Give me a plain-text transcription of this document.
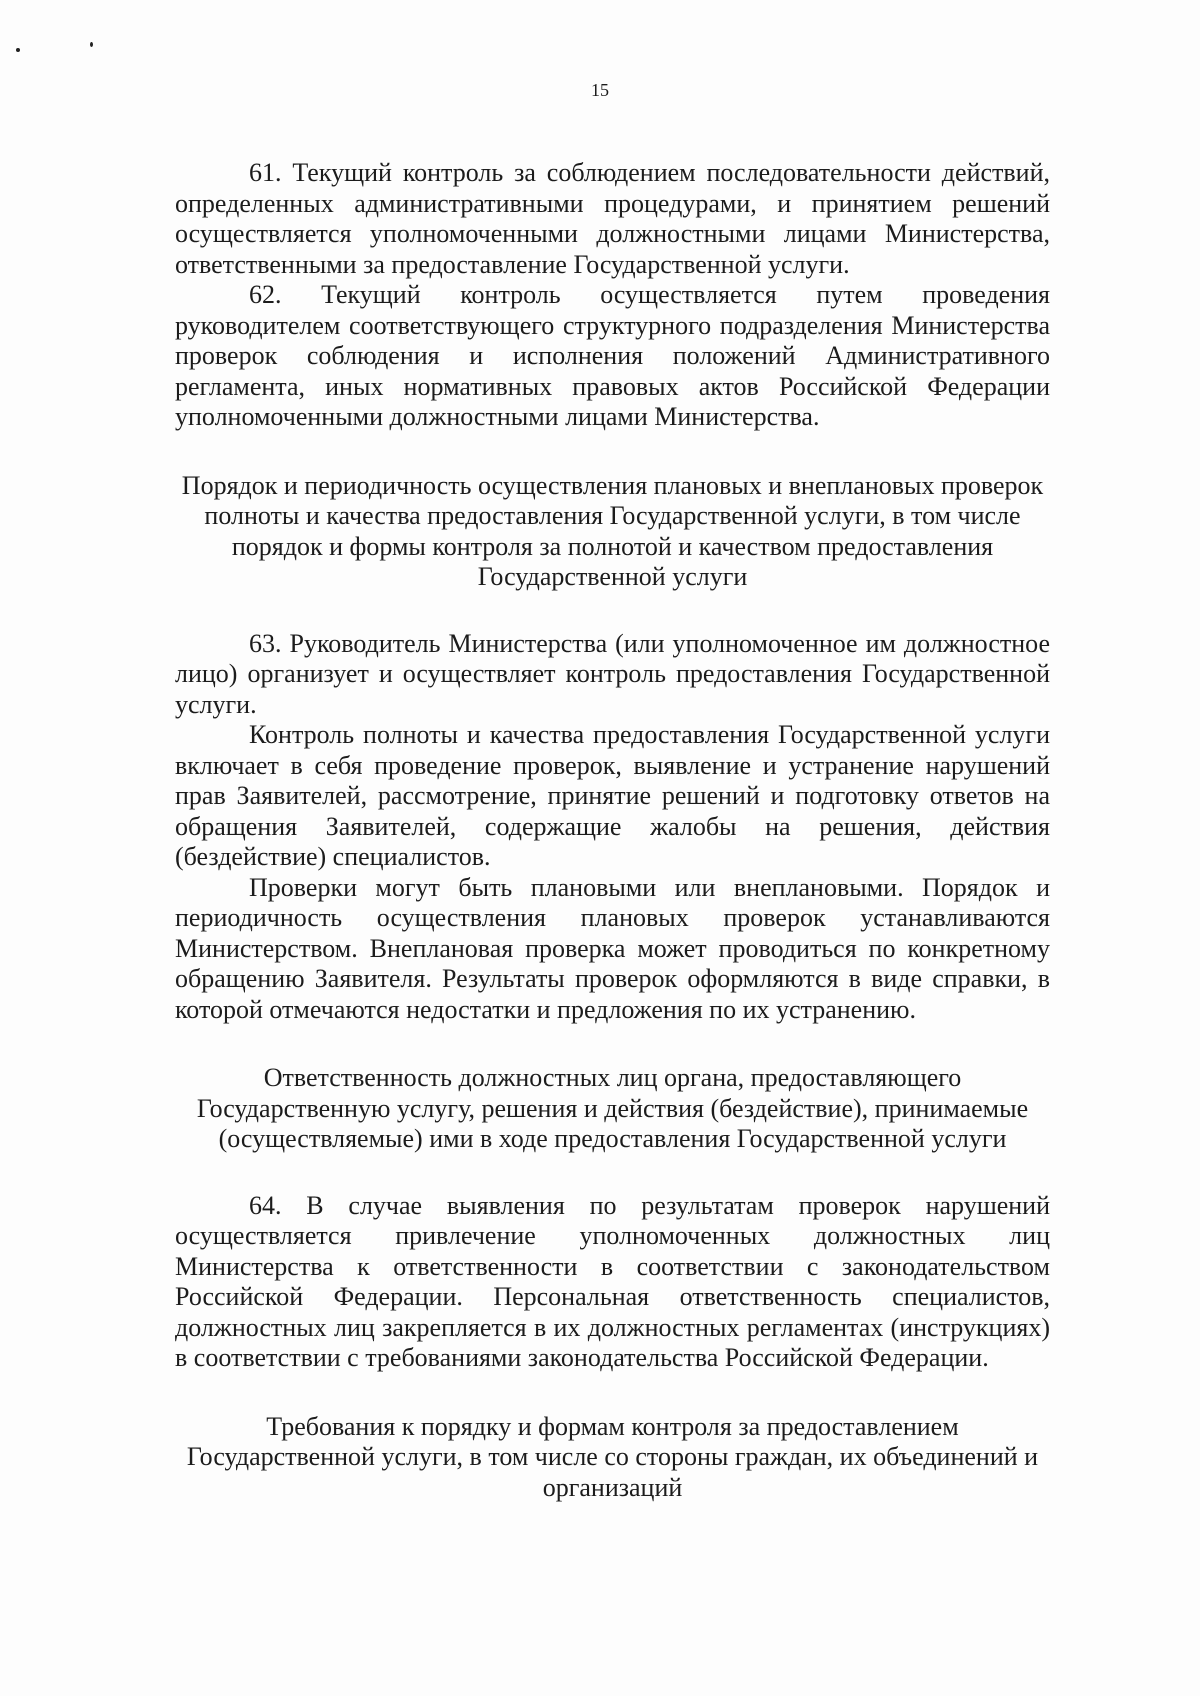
15

61. Текущий контроль за соблюдением последовательности действий, определенных административными процедурами, и принятием решений осуществляется уполномоченными должностными лицами Министерства, ответственными за предоставление Государственной услуги.

62. Текущий контроль осуществляется путем проведения руководителем соответствующего структурного подразделения Министерства проверок соблюдения и исполнения положений Административного регламента, иных нормативных правовых актов Российской Федерации уполномоченными должностными лицами Министерства.

Порядок и периодичность осуществления плановых и внеплановых проверок полноты и качества предоставления Государственной услуги, в том числе порядок и формы контроля за полнотой и качеством предоставления Государственной услуги

63. Руководитель Министерства (или уполномоченное им должностное лицо) организует и осуществляет контроль предоставления Государственной услуги.

Контроль полноты и качества предоставления Государственной услуги включает в себя проведение проверок, выявление и устранение нарушений прав Заявителей, рассмотрение, принятие решений и подготовку ответов на обращения Заявителей, содержащие жалобы на решения, действия (бездействие) специалистов.

Проверки могут быть плановыми или внеплановыми. Порядок и периодичность осуществления плановых проверок устанавливаются Министерством. Внеплановая проверка может проводиться по конкретному обращению Заявителя. Результаты проверок оформляются в виде справки, в которой отмечаются недостатки и предложения по их устранению.

Ответственность должностных лиц органа, предоставляющего Государственную услугу, решения и действия (бездействие), принимаемые (осуществляемые) ими в ходе предоставления Государственной услуги

64. В случае выявления по результатам проверок нарушений осуществляется привлечение уполномоченных должностных лиц Министерства к ответственности в соответствии с законодательством Российской Федерации. Персональная ответственность специалистов, должностных лиц закрепляется в их должностных регламентах (инструкциях) в соответствии с требованиями законодательства Российской Федерации.

Требования к порядку и формам контроля за предоставлением Государственной услуги, в том числе со стороны граждан, их объединений и организаций
